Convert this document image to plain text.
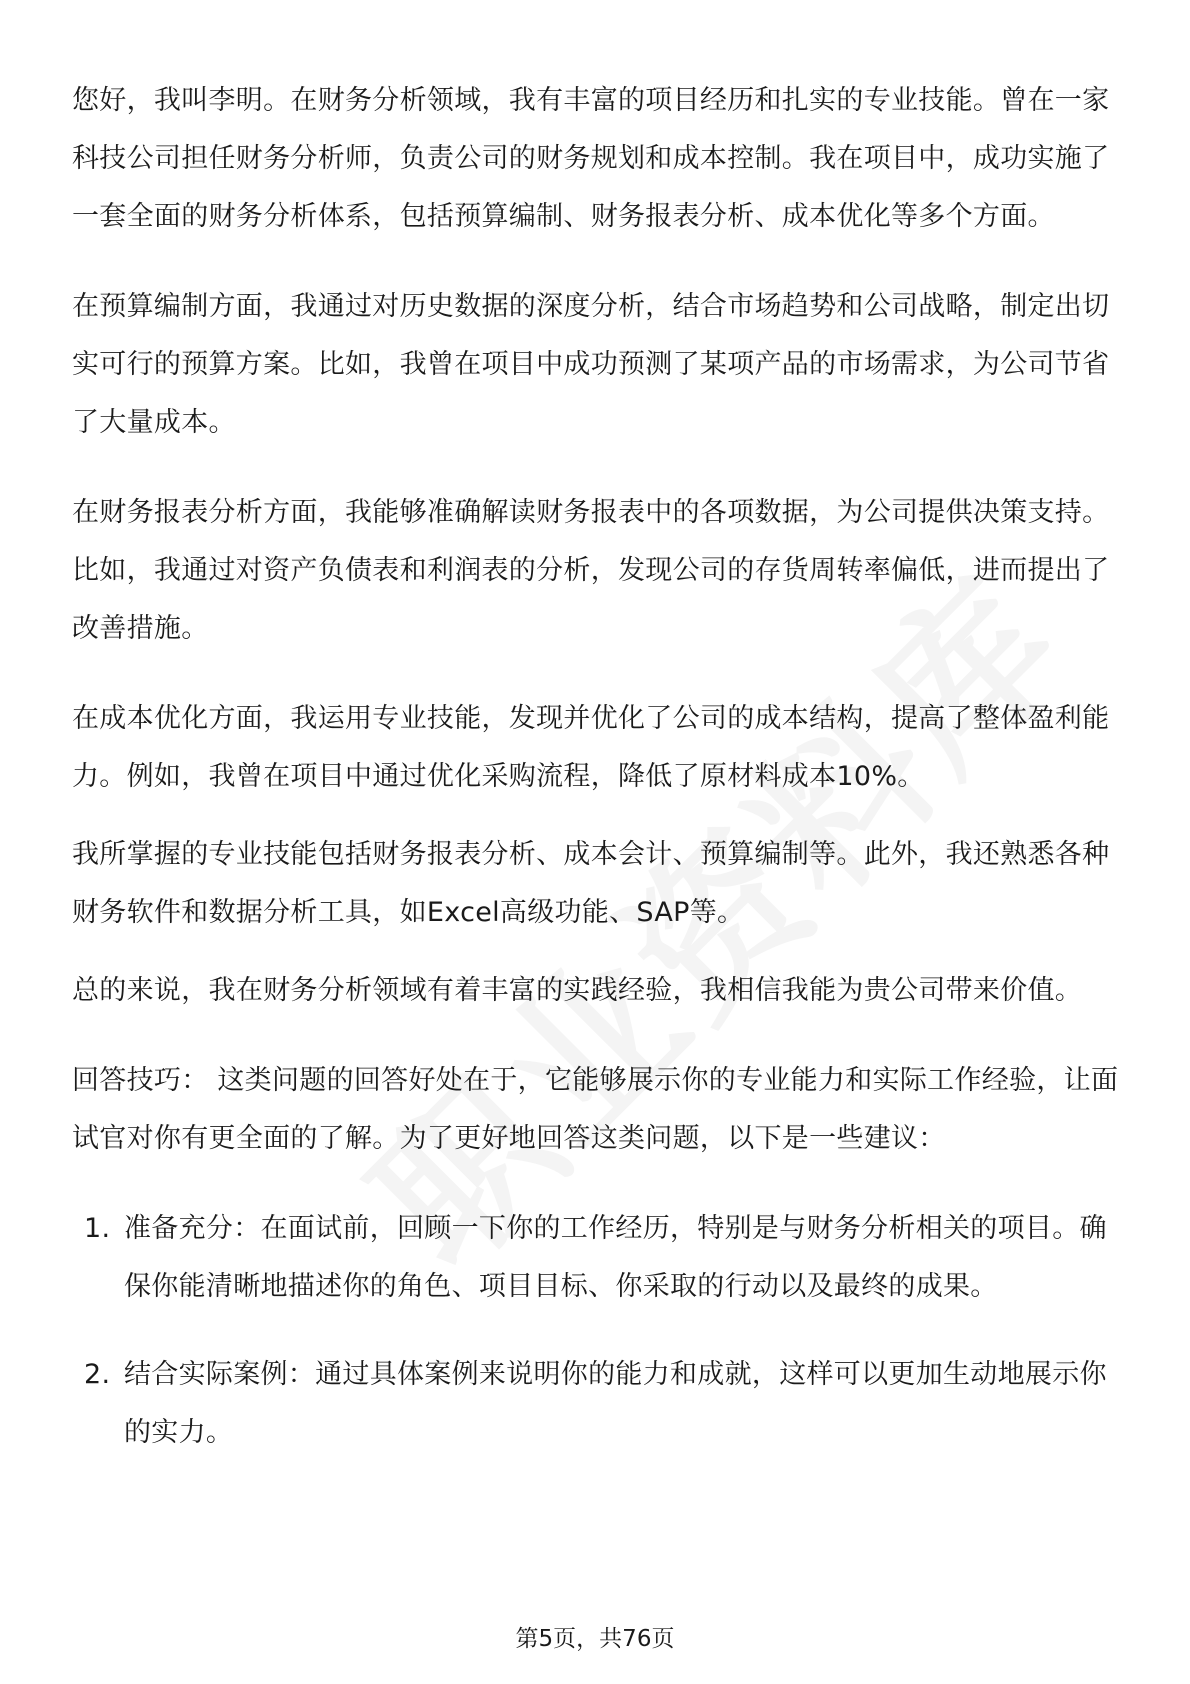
您好，我叫李明。在财务分析领域，我有丰富的项目经历和扎实的专业技能。曾在一家科技公司担任财务分析师，负责公司的财务规划和成本控制。我在项目中，成功实施了一套全面的财务分析体系，包括预算编制、财务报表分析、成本优化等多个方面。

在预算编制方面，我通过对历史数据的深度分析，结合市场趋势和公司战略，制定出切实可行的预算方案。比如，我曾在项目中成功预测了某项产品的市场需求，为公司节省了大量成本。

在财务报表分析方面，我能够准确解读财务报表中的各项数据，为公司提供决策支持。比如，我通过对资产负债表和利润表的分析，发现公司的存货周转率偏低，进而提出了改善措施。

在成本优化方面，我运用专业技能，发现并优化了公司的成本结构，提高了整体盈利能力。例如，我曾在项目中通过优化采购流程，降低了原材料成本10%。

我所掌握的专业技能包括财务报表分析、成本会计、预算编制等。此外，我还熟悉各种财务软件和数据分析工具，如Excel高级功能、SAP等。

总的来说，我在财务分析领域有着丰富的实践经验，我相信我能为贵公司带来价值。

回答技巧： 这类问题的回答好处在于，它能够展示你的专业能力和实际工作经验，让面试官对你有更全面的了解。为了更好地回答这类问题，以下是一些建议：

1. 准备充分：在面试前，回顾一下你的工作经历，特别是与财务分析相关的项目。确保你能清晰地描述你的角色、项目目标、你采取的行动以及最终的成果。
2. 结合实际案例：通过具体案例来说明你的能力和成就，这样可以更加生动地展示你的实力。
第5页，共76页
